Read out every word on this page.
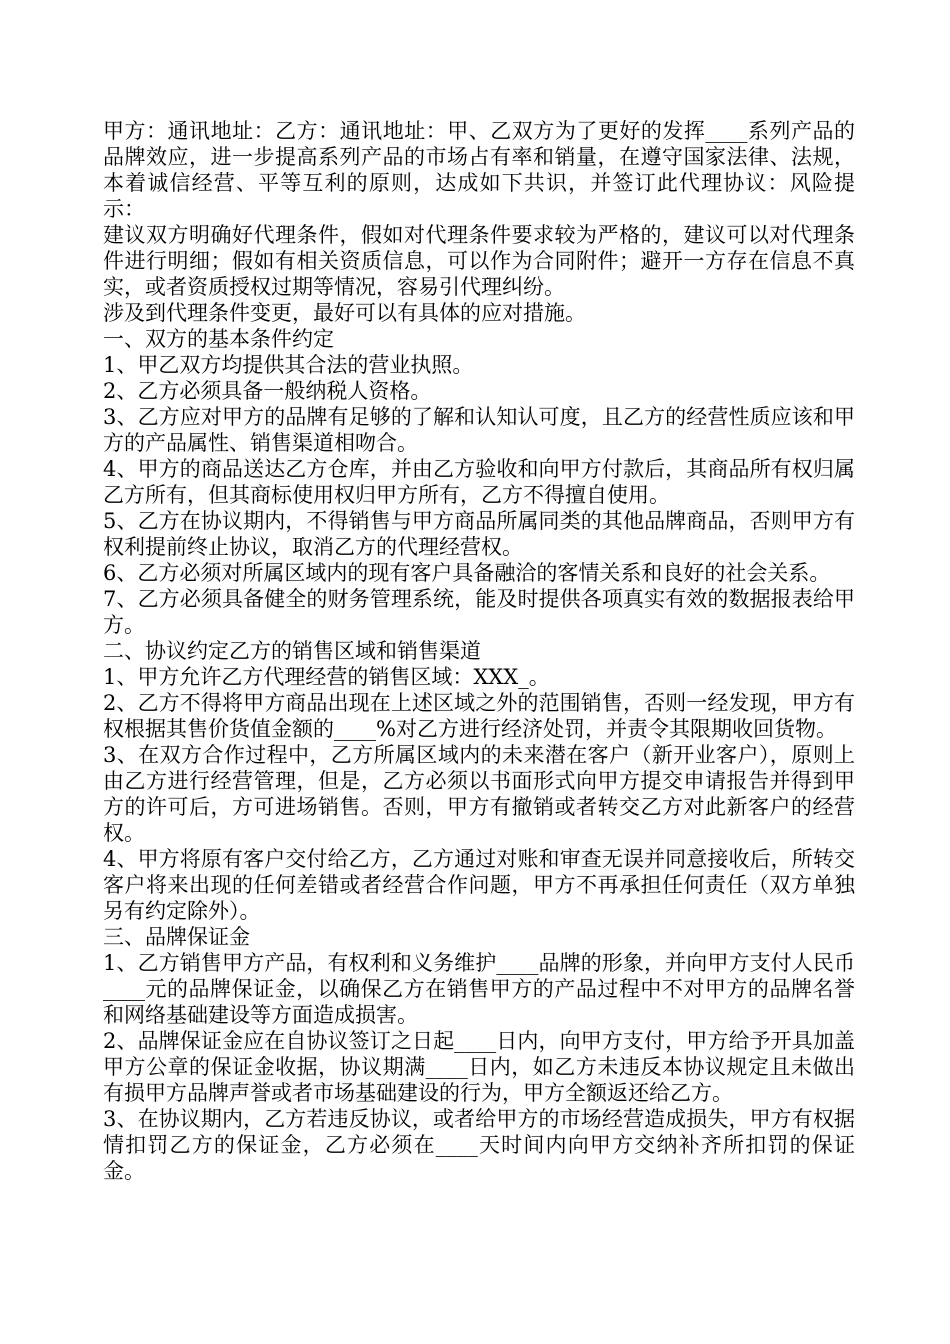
甲方：通讯地址：乙方：通讯地址：甲、乙双方为了更好的发挥____系列产品的品牌效应，进一步提高系列产品的市场占有率和销量，在遵守国家法律、法规，本着诚信经营、平等互利的原则，达成如下共识，并签订此代理协议：风险提示：

建议双方明确好代理条件，假如对代理条件要求较为严格的，建议可以对代理条件进行明细；假如有相关资质信息，可以作为合同附件；避开一方存在信息不真实，或者资质授权过期等情况，容易引代理纠纷。

涉及到代理条件变更，最好可以有具体的应对措施。

一、双方的基本条件约定

1、甲乙双方均提供其合法的营业执照。

2、乙方必须具备一般纳税人资格。

3、乙方应对甲方的品牌有足够的了解和认知认可度，且乙方的经营性质应该和甲方的产品属性、销售渠道相吻合。

4、甲方的商品送达乙方仓库，并由乙方验收和向甲方付款后，其商品所有权归属乙方所有，但其商标使用权归甲方所有，乙方不得擅自使用。

5、乙方在协议期内，不得销售与甲方商品所属同类的其他品牌商品，否则甲方有权利提前终止协议，取消乙方的代理经营权。

6、乙方必须对所属区域内的现有客户具备融洽的客情关系和良好的社会关系。

7、乙方必须具备健全的财务管理系统，能及时提供各项真实有效的数据报表给甲方。

二、协议约定乙方的销售区域和销售渠道

1、甲方允许乙方代理经营的销售区域：XXX_。

2、乙方不得将甲方商品出现在上述区域之外的范围销售，否则一经发现，甲方有权根据其售价货值金额的____%对乙方进行经济处罚，并责令其限期收回货物。

3、在双方合作过程中，乙方所属区域内的未来潜在客户（新开业客户），原则上由乙方进行经营管理，但是，乙方必须以书面形式向甲方提交申请报告并得到甲方的许可后，方可进场销售。否则，甲方有撤销或者转交乙方对此新客户的经营权。

4、甲方将原有客户交付给乙方，乙方通过对账和审查无误并同意接收后，所转交客户将来出现的任何差错或者经营合作问题，甲方不再承担任何责任（双方单独另有约定除外）。

三、品牌保证金

1、乙方销售甲方产品，有权利和义务维护____品牌的形象，并向甲方支付人民币____元的品牌保证金，以确保乙方在销售甲方的产品过程中不对甲方的品牌名誉和网络基础建设等方面造成损害。

2、品牌保证金应在自协议签订之日起____日内，向甲方支付，甲方给予开具加盖甲方公章的保证金收据，协议期满____日内，如乙方未违反本协议规定且未做出有损甲方品牌声誉或者市场基础建设的行为，甲方全额返还给乙方。

3、在协议期内，乙方若违反协议，或者给甲方的市场经营造成损失，甲方有权据情扣罚乙方的保证金，乙方必须在____天时间内向甲方交纳补齐所扣罚的保证金。
